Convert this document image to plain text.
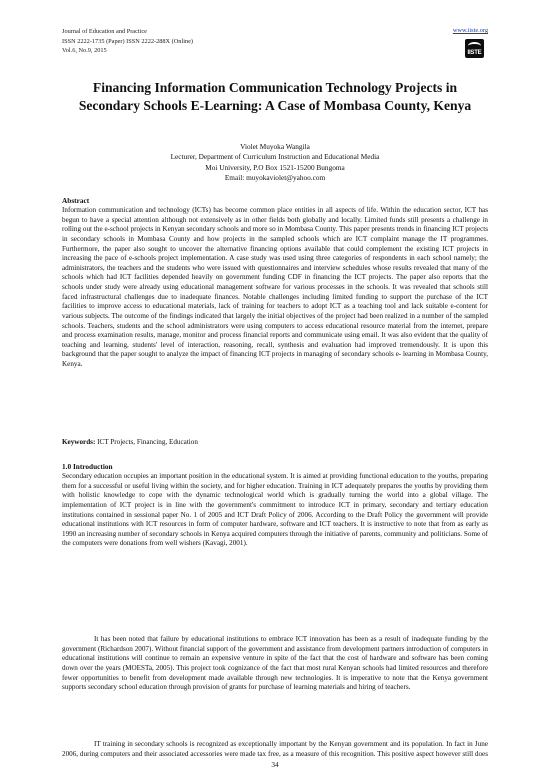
Journal of Education and Practice
ISSN 2222-1735 (Paper) ISSN 2222-288X (Online)
Vol.6, No.9, 2015
www.iiste.org
IISTE
Financing Information Communication Technology Projects in Secondary Schools E-Learning: A Case of Mombasa County, Kenya
Violet Muyoka Wangila
Lecturer, Department of Curriculum Instruction and Educational Media
Moi University, P.O Box 1521-15200 Bungoma
Email: muyokaviolet@yahoo.com
Abstract
Information communication and technology (ICTs) has become common place entities in all aspects of life. Within the education sector, ICT has begun to have a special attention although not extensively as in other fields both globally and locally. Limited funds still presents a challenge in rolling out the e-school projects in Kenyan secondary schools and more so in Mombasa County. This paper presents trends in financing ICT projects in secondary schools in Mombasa County and how projects in the sampled schools which are ICT complaint manage the IT programmes. Furthermore, the paper also sought to uncover the alternative financing options available that could complement the existing ICT projects in increasing the pace of e-schools project implementation. A case study was used using three categories of respondents in each school namely; the administrators, the teachers and the students who were issued with questionnaires and interview schedules whose results revealed that many of the schools which had ICT facilities depended heavily on government funding CDF in financing the ICT projects. The paper also reports that the schools under study were already using educational management software for various processes in the schools. It was revealed that schools still faced infrastructural challenges due to inadequate finances. Notable challenges including limited funding to support the purchase of the ICT facilities to improve access to educational materials, lack of training for teachers to adopt ICT as a teaching tool and lack suitable e-content for various subjects. The outcome of the findings indicated that largely the initial objectives of the project had been realized in a number of the sampled schools. Teachers, students and the school administrators were using computers to access educational resource material from the internet, prepare and process examination results, manage, monitor and process financial reports and communicate using email. It was also evident that the quality of teaching and learning, students' level of interaction, reasoning, recall, synthesis and evaluation had improved tremendously. It is upon this background that the paper sought to analyze the impact of financing ICT projects in managing of secondary schools e- learning in Mombasa County, Kenya.
Keywords: ICT Projects, Financing, Education
1.0 Introduction
Secondary education occupies an important position in the educational system. It is aimed at providing functional education to the youths, preparing them for a successful or useful living within the society, and for higher education. Training in ICT adequately prepares the youths by providing them with holistic knowledge to cope with the dynamic technological world which is gradually turning the world into a global village. The implementation of ICT project is in line with the government's commitment to introduce ICT in primary, secondary and tertiary education institutions contained in sessional paper No. 1 of 2005 and ICT Draft Policy of 2006. According to the Draft Policy the government will provide educational institutions with ICT resources in form of computer hardware, software and ICT teachers. It is instructive to note that from as early as 1990 an increasing number of secondary schools in Kenya acquired computers through the initiative of parents, community and politicians. Some of the computers were donations from well wishers (Kavagi, 2001).
It has been noted that failure by educational institutions to embrace ICT innovation has been as a result of inadequate funding by the government (Richardson 2007). Without financial support of the government and assistance from development partners introduction of computers in educational institutions will continue to remain an expensive venture in spite of the fact that the cost of hardware and software has been coming down over the years (MOESTa, 2005). This project took cognizance of the fact that most rural Kenyan schools had limited resources and therefore fewer opportunities to benefit from development made available through new technologies. It is imperative to note that the Kenya government supports secondary school education through provision of grants for purchase of learning materials and hiring of teachers.
IT training in secondary schools is recognized as exceptionally important by the Kenyan government and its population. In fact in June 2006, during computers and their associated accessories were made tax free, as a measure of this recognition. This positive aspect however still does
34
